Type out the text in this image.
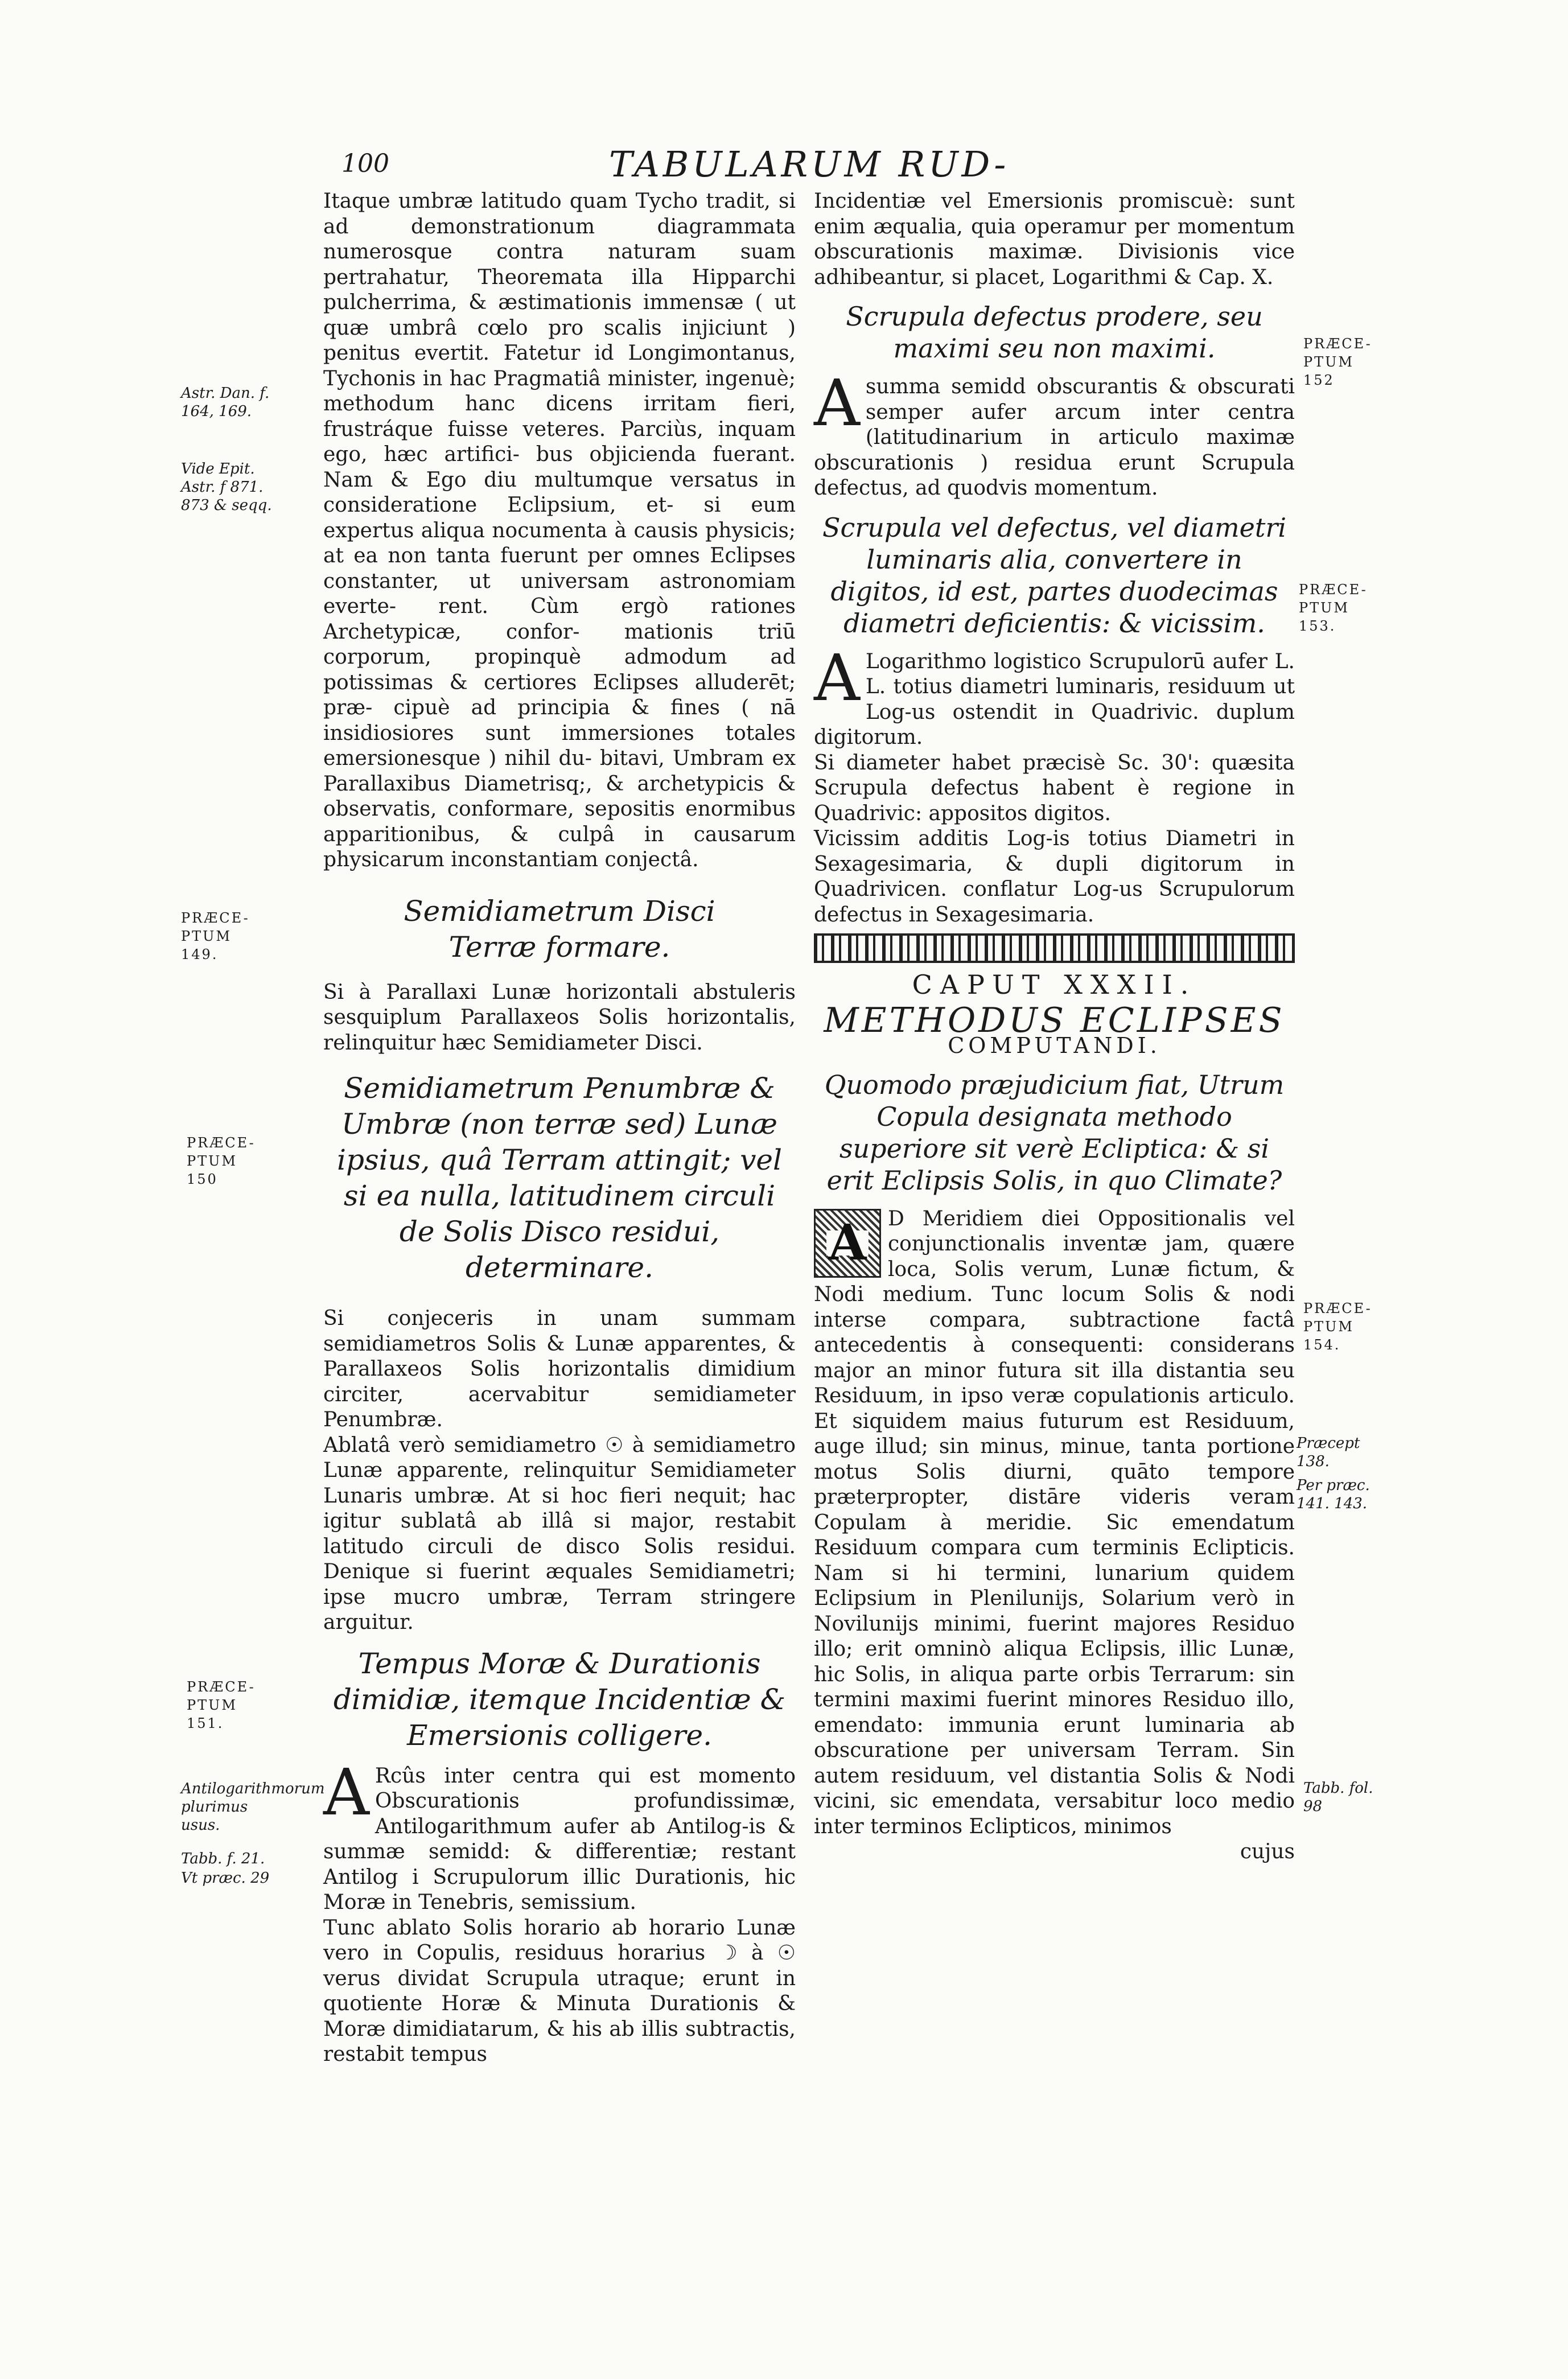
100	TABULARUM RUD-
Astr. Dan. f. 164, 169.
Vide Epit. Astr. f 871. 873 & seqq.
PRÆCE- PTUM 149.
PRÆCE- PTUM 150
PRÆCE- PTUM 151.
Antilogarithmorum plurimus usus.
Tabb. f. 21.
Vt præc. 29

Itaque umbræ latitudo quam Tycho tradit, si ad demonstrationum diagrammata numerosque contra naturam suam pertrahatur, Theoremata illa Hipparchi pulcherrima, & æstimationis immensæ ( ut quæ umbrâ cœlo pro scalis injiciunt ) penitus evertit. Fatetur id Longimontanus, Tychonis in hac Pragmatiâ minister, ingenuè; methodum hanc dicens irritam fieri, frustráque fuisse veteres. Parciùs, inquam ego, hæc artifici- bus objicienda fuerant. Nam & Ego diu multumque versatus in consideratione Eclipsium, et- si eum expertus aliqua nocumenta à causis physicis; at ea non tanta fuerunt per omnes Eclipses constanter, ut universam astronomiam everte- rent. Cùm ergò rationes Archetypicæ, confor- mationis triū corporum, propinquè admodum ad potissimas & certiores Eclipses alluderēt; præ- cipuè ad principia & fines ( nā insidiosiores sunt immersiones totales emersionesque ) nihil du- bitavi, Umbram ex Parallaxibus Diametrisq;, & archetypicis & observatis, conformare, sepositis enormibus apparitionibus, & culpâ in causarum physicarum inconstantiam conjectâ.

Semidiametrum Disci Terræ formare.

Si à Parallaxi Lunæ horizontali abstuleris sesquiplum Parallaxeos Solis horizontalis, relinquitur hæc Semidiameter Disci.

Semidiametrum Penumbræ & Umbræ (non terræ sed) Lunæ ipsius, quâ Terram attingit; vel si ea nulla, latitudinem circuli de Solis Disco residui, determinare.

Si conjeceris in unam summam semidiametros Solis & Lunæ apparentes, & Parallaxeos Solis horizontalis dimidium circiter, acervabitur semidiameter Penumbræ.

Ablatâ verò semidiametro ☉ à semidiametro Lunæ apparente, relinquitur Semidiameter Lunaris umbræ. At si hoc fieri nequit; hac igitur sublatâ ab illâ si major, restabit latitudo circuli de disco Solis residui. Denique si fuerint æquales Semidiametri; ipse mucro umbræ, Terram stringere arguitur.

Tempus Moræ & Durationis dimidiæ, itemque Incidentiæ & Emersionis colligere.

A Rcûs inter centra qui est momento Obscurationis profundissimæ, Antilogarithmum aufer ab Antilog-is & summæ semidd: & differentiæ; restant Antilog i Scrupulorum illic Durationis, hic Moræ in Tenebris, semissium.

Tunc ablato Solis horario ab horario Lunæ vero in Copulis, residuus horarius ☽ à ☉ verus dividat Scrupula utraque; erunt in quotiente Horæ & Minuta Durationis & Moræ dimidiatarum, & his ab illis subtractis, restabit tempus

PRÆCE- PTUM 152
PRÆCE- PTUM 153.
PRÆCE- PTUM 154.
Præcept 138.
Per præc. 141. 143.
Tabb. fol. 98

Incidentiæ vel Emersionis promiscuè: sunt enim æqualia, quia operamur per momentum obscurationis maximæ. Divisionis vice adhibeantur, si placet, Logarithmi & Cap. X.

Scrupula defectus prodere, seu maximi seu non maximi.

A summa semidd obscurantis & obscurati semper aufer arcum inter centra (latitudinarium in articulo maximæ obscurationis ) residua erunt Scrupula defectus, ad quodvis momentum.

Scrupula vel defectus, vel diametri luminaris alia, convertere in digitos, id est, partes duodecimas diametri deficientis: & vicissim.

A Logarithmo logistico Scrupulorū aufer L. L. totius diametri luminaris, residuum ut Log-us ostendit in Quadrivic. duplum digitorum.

Si diameter habet præcisè Sc. 30': quæsita Scrupula defectus habent è regione in Quadrivic: appositos digitos.

Vicissim additis Log-is totius Diametri in Sexagesimaria, & dupli digitorum in Quadrivicen. conflatur Log-us Scrupulorum defectus in Sexagesimaria.

CAPUT XXXII.
METHODUS ECLIPSES
COMPUTANDI.
Quomodo præjudicium fiat, Utrum Copula designata methodo superiore sit verè Ecliptica: & si erit Eclipsis Solis, in quo Climate?

A D Meridiem diei Oppositionalis vel conjunctionalis inventæ jam, quære loca, Solis verum, Lunæ fictum, & Nodi medium. Tunc locum Solis & nodi interse compara, subtractione factâ antecedentis à consequenti: considerans major an minor futura sit illa distantia seu Residuum, in ipso veræ copulationis articulo. Et siquidem maius futurum est Residuum, auge illud; sin minus, minue, tanta portione motus Solis diurni, quāto tempore præterpropter, distāre videris veram Copulam à meridie. Sic emendatum Residuum compara cum terminis Eclipticis. Nam si hi termini, lunarium quidem Eclipsium in Plenilunijs, Solarium verò in Novilunijs minimi, fuerint majores Residuo illo; erit omninò aliqua Eclipsis, illic Lunæ, hic Solis, in aliqua parte orbis Terrarum: sin termini maximi fuerint minores Residuo illo, emendato: immunia erunt luminaria ab obscuratione per universam Terram. Sin autem residuum, vel distantia Solis & Nodi vicini, sic emendata, versabitur loco medio inter terminos Eclipticos, minimos

cujus
